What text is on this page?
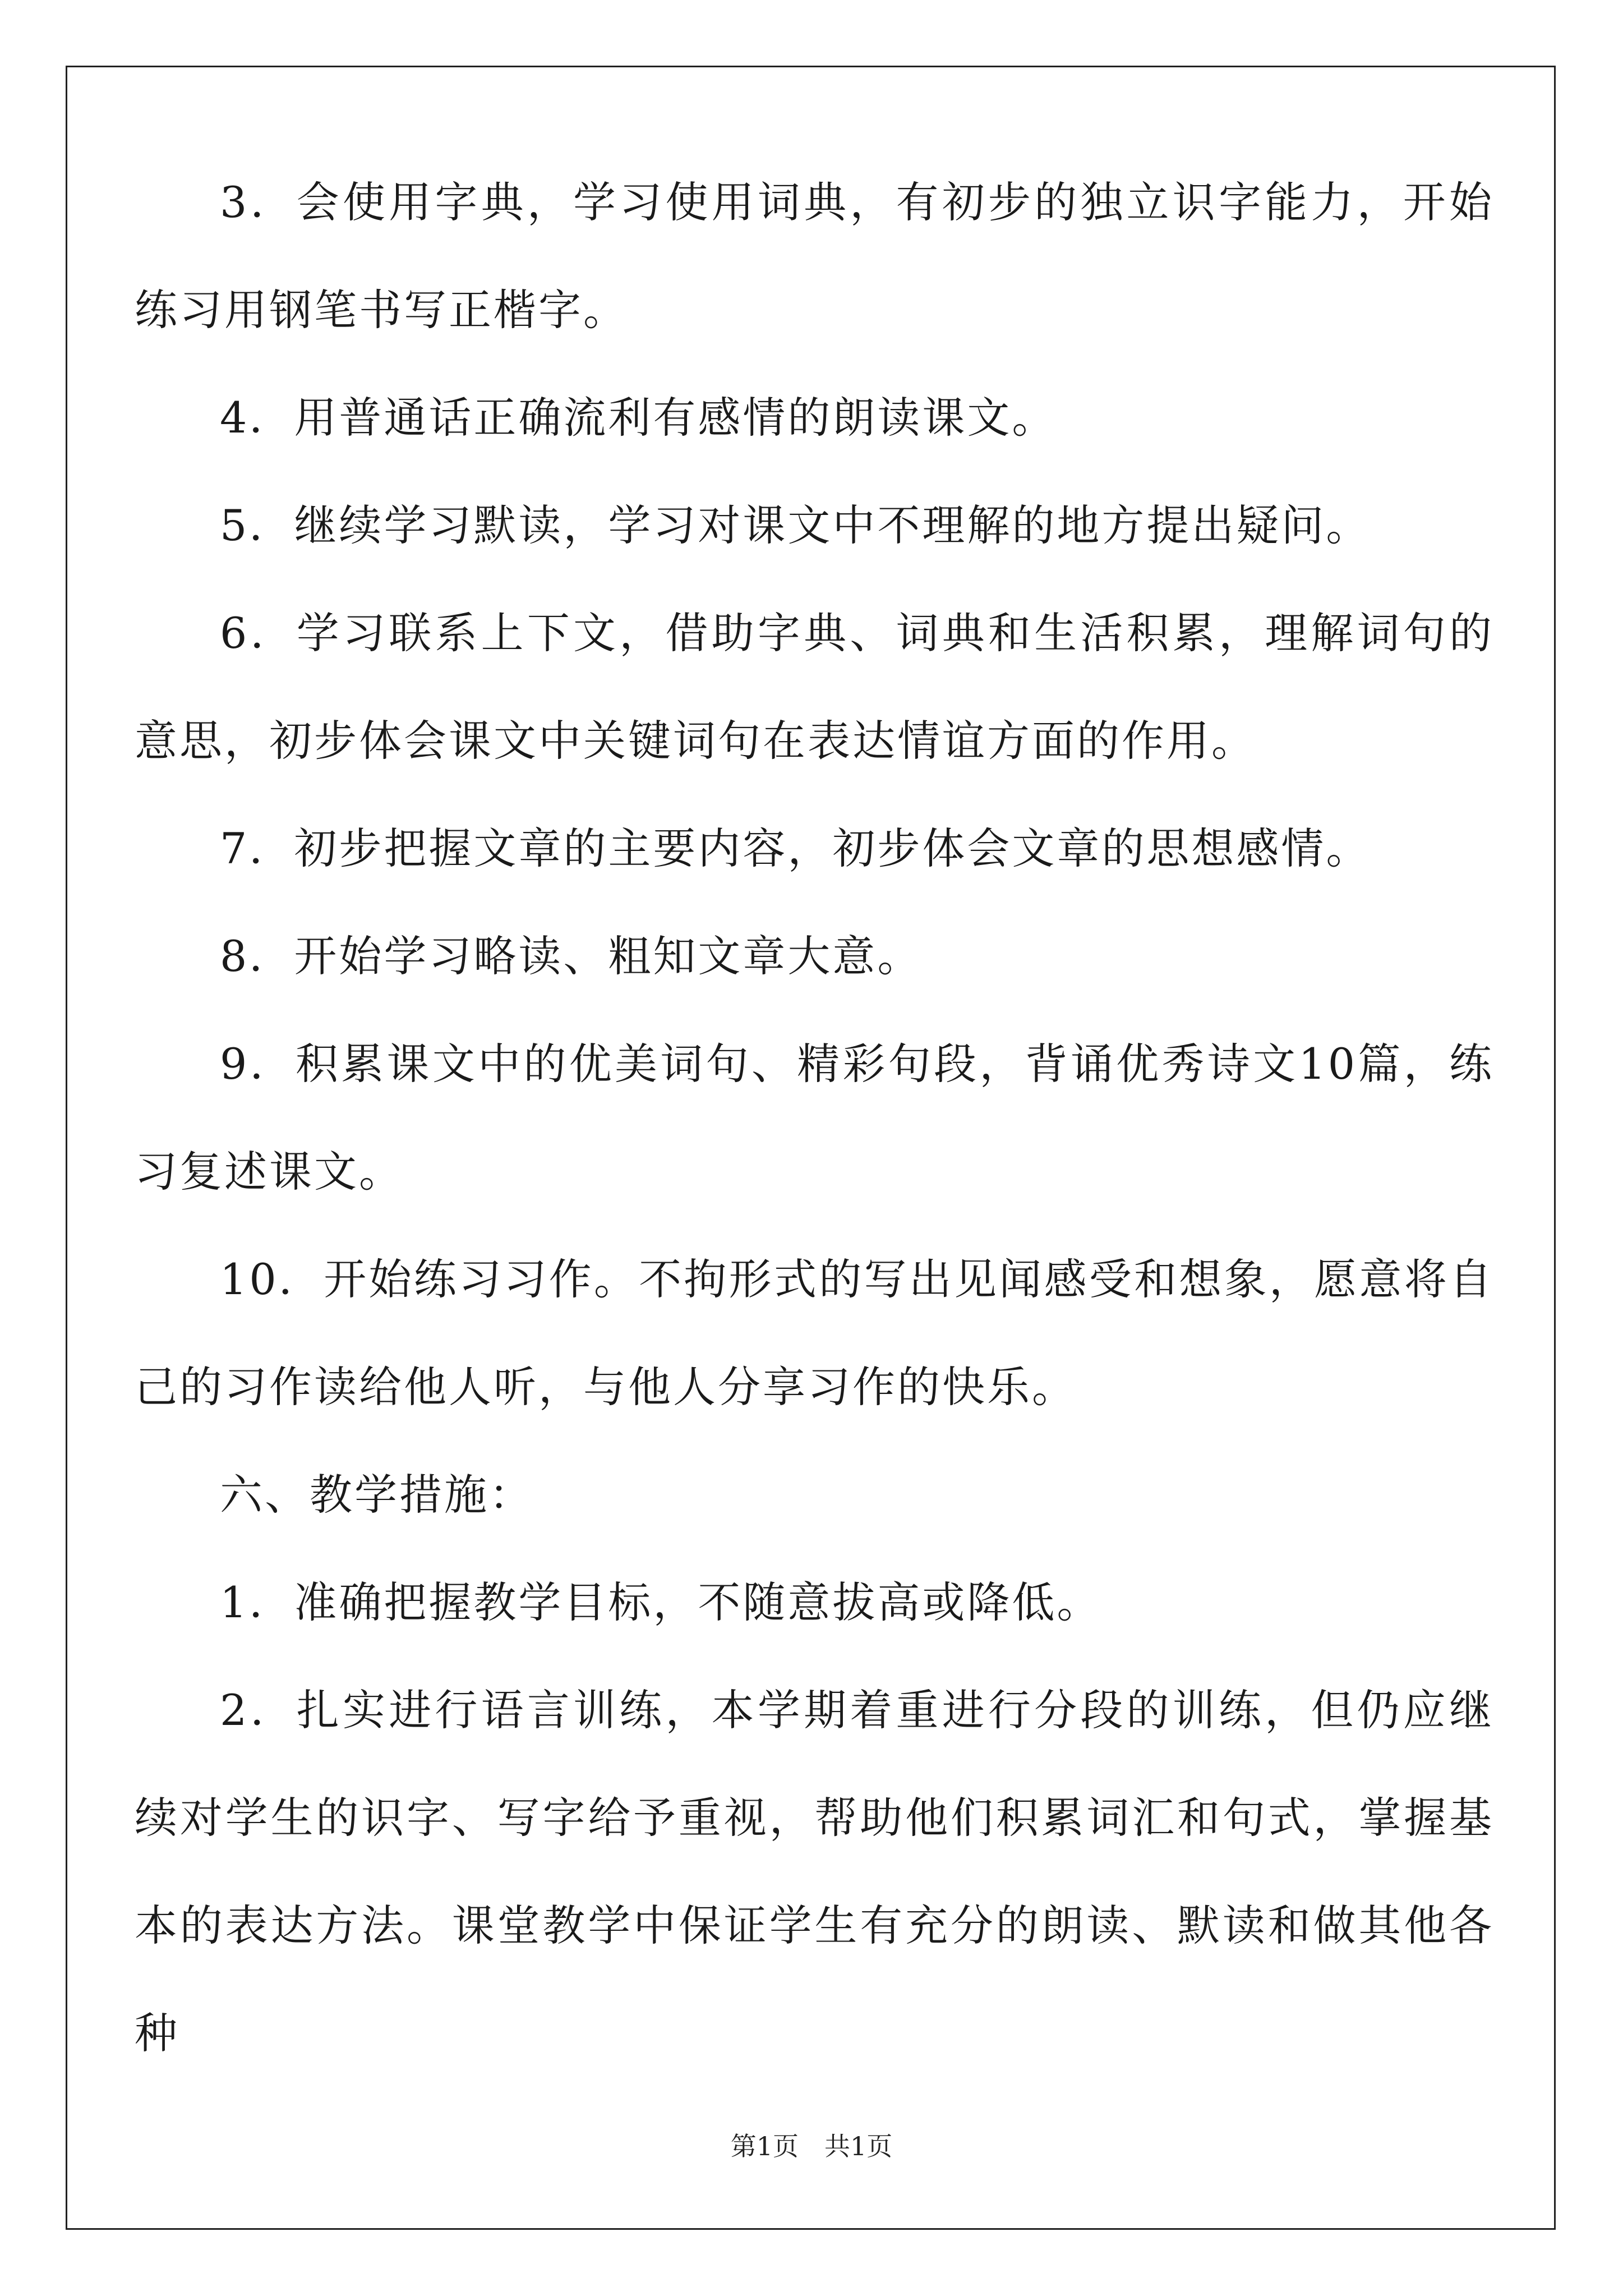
3．会使用字典，学习使用词典，有初步的独立识字能力，开始练习用钢笔书写正楷字。

4．用普通话正确流利有感情的朗读课文。

5．继续学习默读，学习对课文中不理解的地方提出疑问。

6．学习联系上下文，借助字典、词典和生活积累，理解词句的意思，初步体会课文中关键词句在表达情谊方面的作用。

7．初步把握文章的主要内容，初步体会文章的思想感情。

8．开始学习略读、粗知文章大意。

9．积累课文中的优美词句、精彩句段，背诵优秀诗文10篇，练习复述课文。

10．开始练习习作。不拘形式的写出见闻感受和想象，愿意将自己的习作读给他人听，与他人分享习作的快乐。

六、教学措施：

1．准确把握教学目标，不随意拔高或降低。

2．扎实进行语言训练，本学期着重进行分段的训练，但仍应继续对学生的识字、写字给予重视，帮助他们积累词汇和句式，掌握基本的表达方法。课堂教学中保证学生有充分的朗读、默读和做其他各种

第1页　共1页
